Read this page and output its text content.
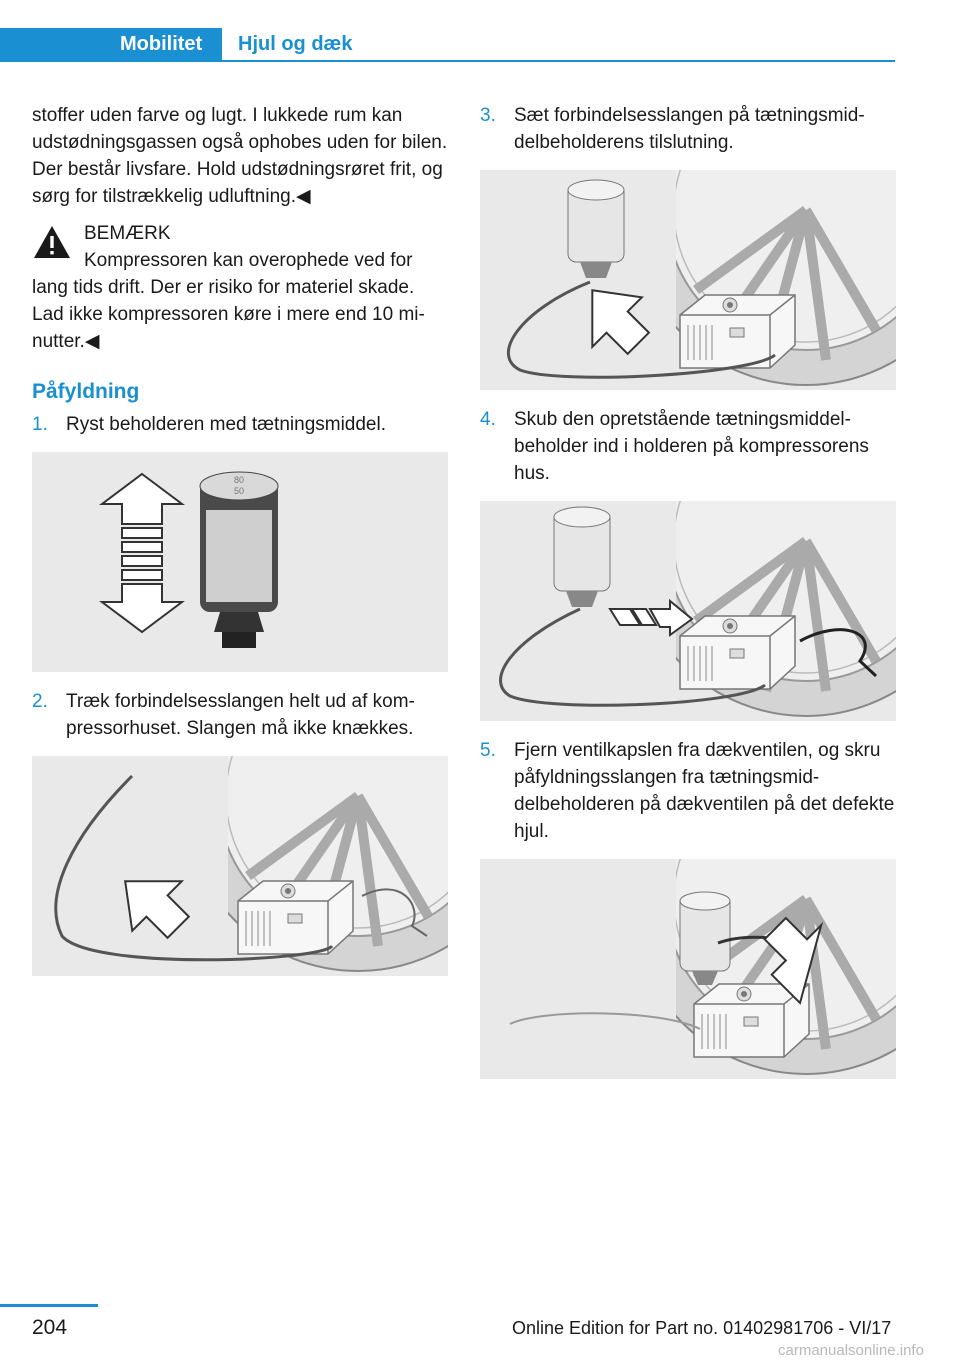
Mobilitet	Hjul og dæk

stoffer uden farve og lugt. I lukkede rum kan udstødningsgassen også ophobes uden for bilen. Der består livsfare. Hold udstødningsrøret frit, og sørg for tilstrækkelig udluftning.◀

BEMÆRK

Kompressoren kan overophede ved for lang tids drift. Der er risiko for materiel skade. Lad ikke kompressoren køre i mere end 10 minutter.◀

Påfyldning
1. Ryst beholderen med tætningsmiddel.
80
50
2. Træk forbindelsesslangen helt ud af kompressorhuset. Slangen må ikke knækkes.
3. Sæt forbindelsesslangen på tætningsmiddelbeholderens tilslutning.
4. Skub den opretstående tætningsmiddelbeholder ind i holderen på kompressorens hus.
5. Fjern ventilkapslen fra dækventilen, og skru påfyldningsslangen fra tætningsmiddelbeholderen på dækventilen på det defekte hjul.
204	Online Edition for Part no. 01402981706 - VI/17
carmanualsonline.info
